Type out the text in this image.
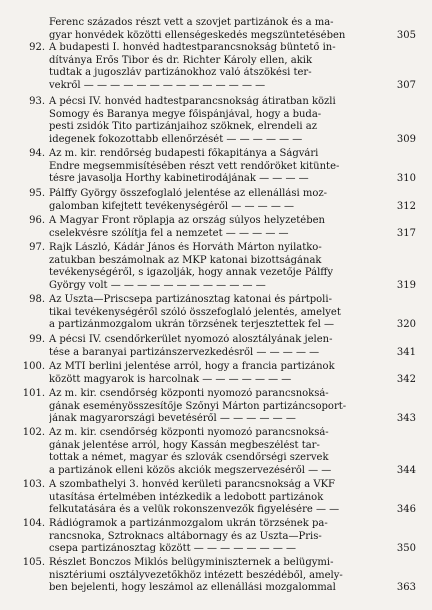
Ferenc százados részt vett a szovjet partizánok és a ma-
gyar honvédek közötti ellenségeskedés megszüntetésében	305
92. A budapesti I. honvéd hadtestparancsnokság büntető in-
dítványa Erős Tibor és dr. Richter Károly ellen, akik
tudtak a jugoszláv partizánokhoz való átszökési ter-
vekről — — — — — — — — — — — — — —	307
93. A pécsi IV. honvéd hadtestparancsnokság átiratban közli
Somogy és Baranya megye főispánjával, hogy a buda-
pesti zsidók Tito partizánjaihoz szöknek, elrendeli az
idegenek fokozottabb ellenőrzését — — — — — —	309
94. Az m. kir. rendőrség budapesti főkapitánya a Ságvári
Endre megsemmisítésében részt vett rendőröket kitünte-
tésre javasolja Horthy kabinetirodájának — — — —	310
95. Pálffy György összefoglaló jelentése az ellenállási moz-
galomban kifejtett tevékenységéről — — — — —	312
96. A Magyar Front röplapja az ország súlyos helyzetében
cselekvésre szólítja fel a nemzetet — — — — —	317
97. Rajk László, Kádár János és Horváth Márton nyilatko-
zatukban beszámolnak az MKP katonai bizottságának
tevékenységéről, s igazolják, hogy annak vezetője Pálffy
György volt — — — — — — — — — — — —	319
98. Az Usztа—Priscsepa partizánosztag katonai és pártpoli-
tikai tevékenységéről szóló összefoglaló jelentés, amelyet
a partizánmozgalom ukrán törzsének terjesztettek fel —	320
99. A pécsi IV. csendőrkerület nyomozó alosztályának jelen-
tése a baranyai partizánszervezkedésről — — — — —	341
100. Az MTI berlini jelentése arról, hogy a francia partizánok
között magyarok is harcolnak — — — — — — —	342
101. Az m. kir. csendőrség központi nyomozó parancsnoksá-
gának eseményösszesítője Szőnyi Márton partizáncsoport-
jának magyarországi bevetéséről — — — — — —	343
102. Az m. kir. csendőrség központi nyomozó parancsnoksá-
gának jelentése arról, hogy Kassán megbeszélést tar-
tottak a német, magyar és szlovák csendőrségi szervek
a partizánok elleni közös akciók megszervezéséről — —	344
103. A szombathelyi 3. honvéd kerületi parancsnokság a VKF
utasítása értelmében intézkedik a ledobott partizánok
felkutatására és a velük rokonszenvezők figyelésére — —	346
104. Rádiógramok a partizánmozgalom ukrán törzsének pa-
rancsnoka, Sztroknacs altábornagy és az Usztа—Pris-
csepa partizánosztag között — — — — — — — —	350
105. Részlet Bonczos Miklós belügyminiszternek a belügymi-
nisztériumi osztályvezetőkhöz intézett beszédéből, amely-
ben bejelenti, hogy leszámol az ellenállási mozgalommal	363
